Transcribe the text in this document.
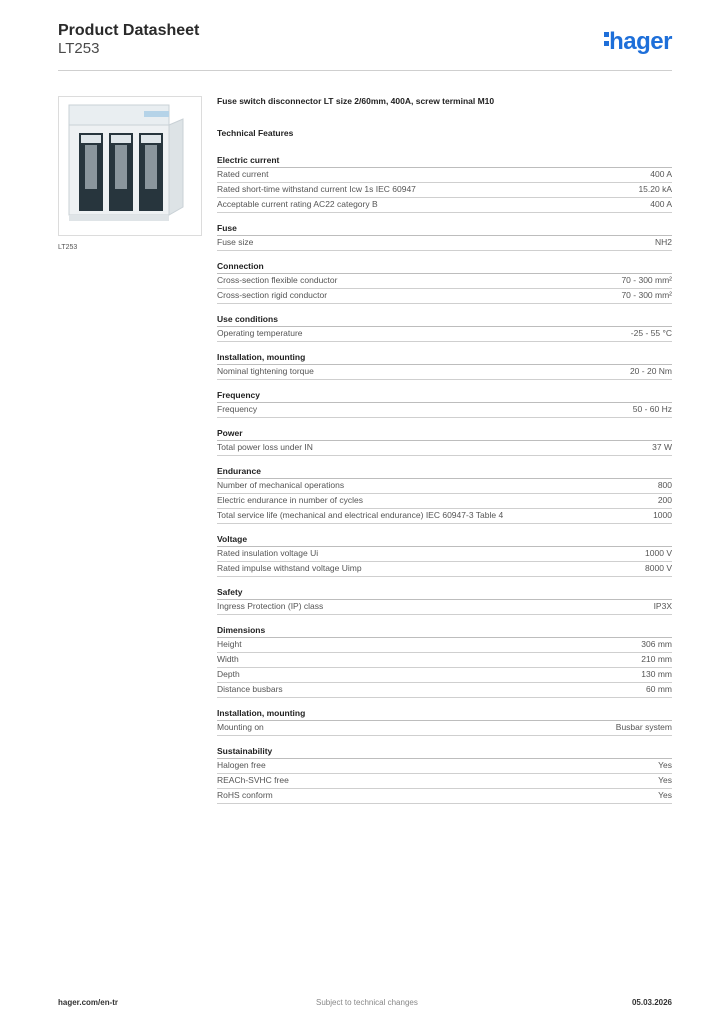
Product Datasheet
LT253	hager
LT253
Fuse switch disconnector LT size 2/60mm, 400A, screw terminal M10
Technical Features
Electric current
Rated current	400 A
Rated short-time withstand current Icw 1s IEC 60947	15.20 kA
Acceptable current rating AC22 category B	400 A
Fuse
Fuse size	NH2
Connection
Cross-section flexible conductor	70 - 300 mm²
Cross-section rigid conductor	70 - 300 mm²
Use conditions
Operating temperature	-25 - 55 °C
Installation, mounting
Nominal tightening torque	20 - 20 Nm
Frequency
Frequency	50 - 60 Hz
Power
Total power loss under IN	37 W
Endurance
Number of mechanical operations	800
Electric endurance in number of cycles	200
Total service life (mechanical and electrical endurance) IEC 60947-3 Table 4	1000
Voltage
Rated insulation voltage Ui	1000 V
Rated impulse withstand voltage Uimp	8000 V
Safety
Ingress Protection (IP) class	IP3X
Dimensions
Height	306 mm
Width	210 mm
Depth	130 mm
Distance busbars	60 mm
Installation, mounting
Mounting on	Busbar system
Sustainability
Halogen free	Yes
REACh-SVHC free	Yes
RoHS conform	Yes
hager.com/en-tr	Subject to technical changes	05.03.2026
